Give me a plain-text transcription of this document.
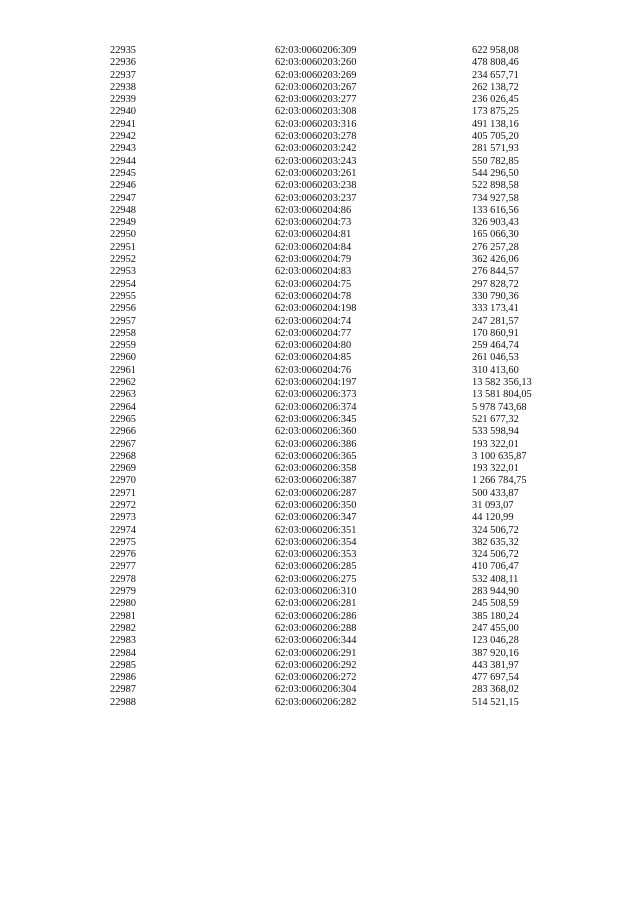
22935	62:03:0060206:309	622 958,08
22936	62:03:0060203:260	478 808,46
22937	62:03:0060203:269	234 657,71
22938	62:03:0060203:267	262 138,72
22939	62:03:0060203:277	236 026,45
22940	62:03:0060203:308	173 875,25
22941	62:03:0060203:316	491 138,16
22942	62:03:0060203:278	405 705,20
22943	62:03:0060203:242	281 571,93
22944	62:03:0060203:243	550 782,85
22945	62:03:0060203:261	544 296,50
22946	62:03:0060203:238	522 898,58
22947	62:03:0060203:237	734 927,58
22948	62:03:0060204:86	133 616,56
22949	62:03:0060204:73	326 903,43
22950	62:03:0060204:81	165 066,30
22951	62:03:0060204:84	276 257,28
22952	62:03:0060204:79	362 426,06
22953	62:03:0060204:83	276 844,57
22954	62:03:0060204:75	297 828,72
22955	62:03:0060204:78	330 790,36
22956	62:03:0060204:198	333 173,41
22957	62:03:0060204:74	247 281,57
22958	62:03:0060204:77	170 860,91
22959	62:03:0060204:80	259 464,74
22960	62:03:0060204:85	261 046,53
22961	62:03:0060204:76	310 413,60
22962	62:03:0060204:197	13 582 356,13
22963	62:03:0060206:373	13 581 804,05
22964	62:03:0060206:374	5 978 743,68
22965	62:03:0060206:345	521 677,32
22966	62:03:0060206:360	533 598,94
22967	62:03:0060206:386	193 322,01
22968	62:03:0060206:365	3 100 635,87
22969	62:03:0060206:358	193 322,01
22970	62:03:0060206:387	1 266 784,75
22971	62:03:0060206:287	500 433,87
22972	62:03:0060206:350	31 093,07
22973	62:03:0060206:347	44 120,99
22974	62:03:0060206:351	324 506,72
22975	62:03:0060206:354	382 635,32
22976	62:03:0060206:353	324 506,72
22977	62:03:0060206:285	410 706,47
22978	62:03:0060206:275	532 408,11
22979	62:03:0060206:310	283 944,90
22980	62:03:0060206:281	245 508,59
22981	62:03:0060206:286	385 180,24
22982	62:03:0060206:288	247 455,00
22983	62:03:0060206:344	123 046,28
22984	62:03:0060206:291	387 920,16
22985	62:03:0060206:292	443 381,97
22986	62:03:0060206:272	477 697,54
22987	62:03:0060206:304	283 368,02
22988	62:03:0060206:282	514 521,15
